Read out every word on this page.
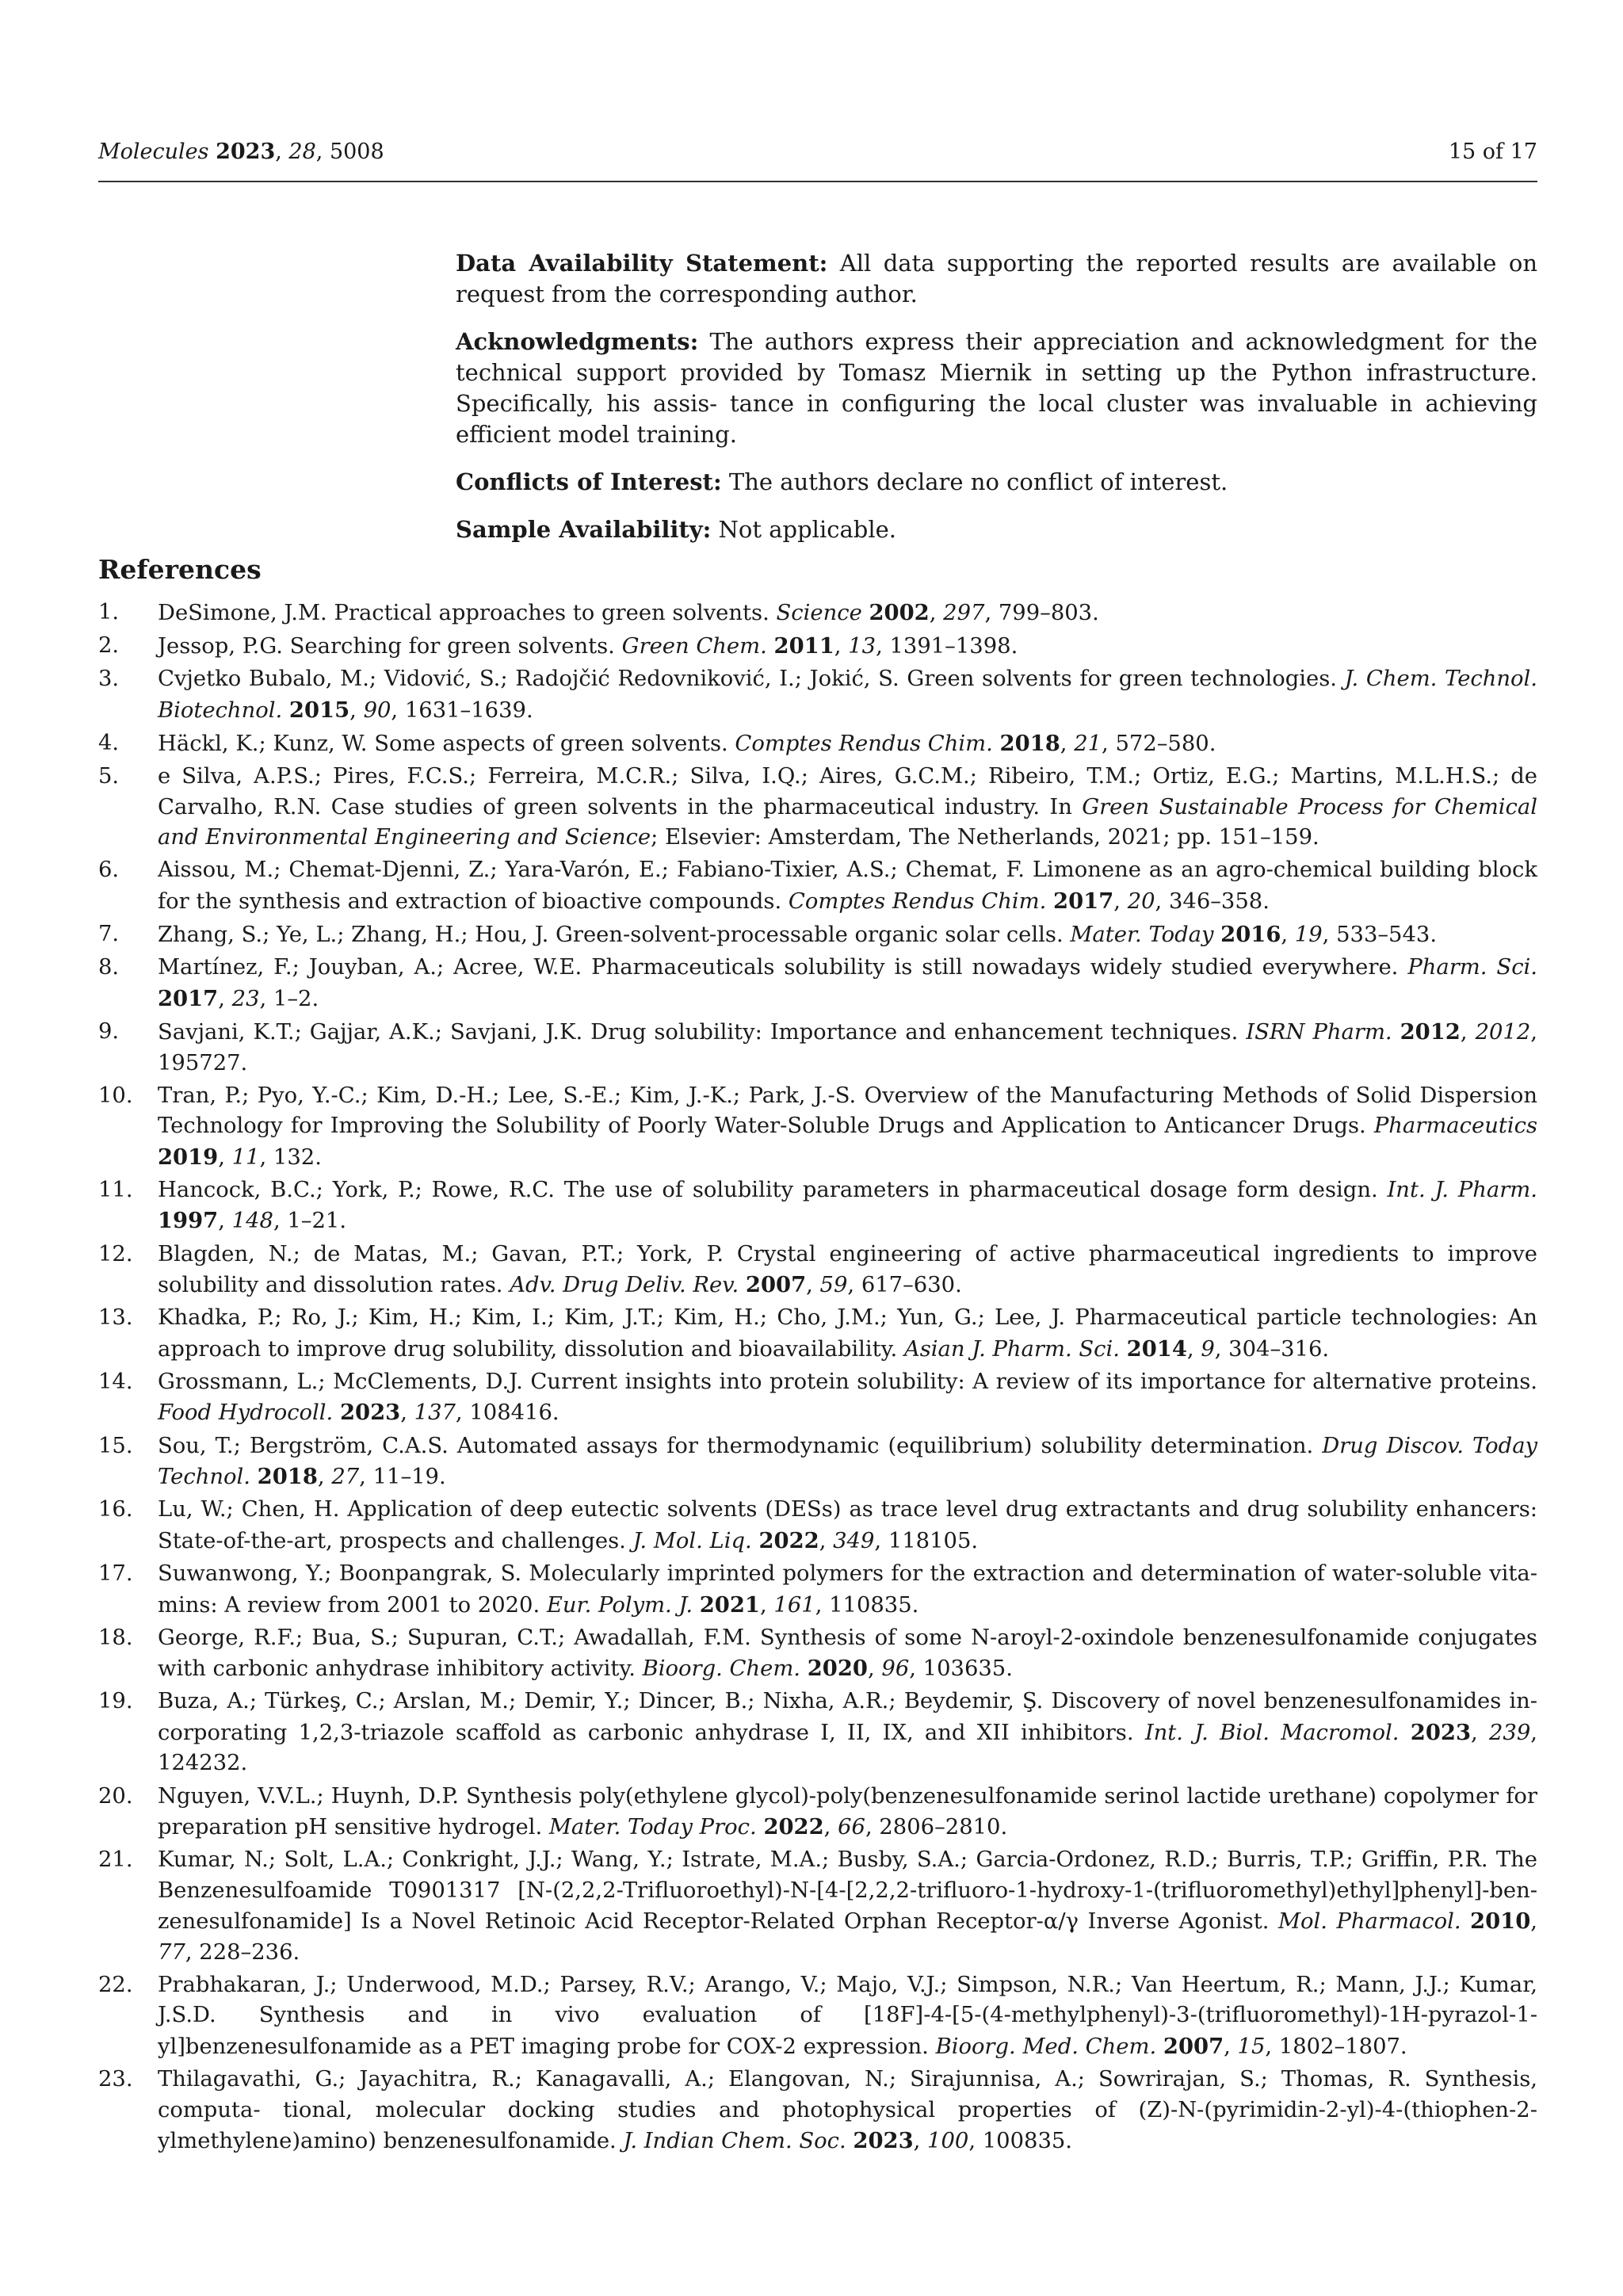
Molecules 2023, 28, 5008	15 of 17

Data Availability Statement: All data supporting the reported results are available on request from the corresponding author.

Acknowledgments: The authors express their appreciation and acknowledgment for the technical support provided by Tomasz Miernik in setting up the Python infrastructure. Specifically, his assis- tance in configuring the local cluster was invaluable in achieving efficient model training.

Conflicts of Interest: The authors declare no conflict of interest.

Sample Availability: Not applicable.

References
1. DeSimone, J.M. Practical approaches to green solvents. Science 2002, 297, 799–803.
2. Jessop, P.G. Searching for green solvents. Green Chem. 2011, 13, 1391–1398.
3. Cvjetko Bubalo, M.; Vidović, S.; Radojčić Redovniković, I.; Jokić, S. Green solvents for green technologies. J. Chem. Technol. Biotechnol. 2015, 90, 1631–1639.
4. Häckl, K.; Kunz, W. Some aspects of green solvents. Comptes Rendus Chim. 2018, 21, 572–580.
5. e Silva, A.P.S.; Pires, F.C.S.; Ferreira, M.C.R.; Silva, I.Q.; Aires, G.C.M.; Ribeiro, T.M.; Ortiz, E.G.; Martins, M.L.H.S.; de Carvalho, R.N. Case studies of green solvents in the pharmaceutical industry. In Green Sustainable Process for Chemical and Environmental Engineering and Science; Elsevier: Amsterdam, The Netherlands, 2021; pp. 151–159.
6. Aissou, M.; Chemat-Djenni, Z.; Yara-Varón, E.; Fabiano-Tixier, A.S.; Chemat, F. Limonene as an agro-chemical building block for the synthesis and extraction of bioactive compounds. Comptes Rendus Chim. 2017, 20, 346–358.
7. Zhang, S.; Ye, L.; Zhang, H.; Hou, J. Green-solvent-processable organic solar cells. Mater. Today 2016, 19, 533–543.
8. Martínez, F.; Jouyban, A.; Acree, W.E. Pharmaceuticals solubility is still nowadays widely studied everywhere. Pharm. Sci. 2017, 23, 1–2.
9. Savjani, K.T.; Gajjar, A.K.; Savjani, J.K. Drug solubility: Importance and enhancement techniques. ISRN Pharm. 2012, 2012, 195727.
10. Tran, P.; Pyo, Y.-C.; Kim, D.-H.; Lee, S.-E.; Kim, J.-K.; Park, J.-S. Overview of the Manufacturing Methods of Solid Dispersion Technology for Improving the Solubility of Poorly Water-Soluble Drugs and Application to Anticancer Drugs. Pharmaceutics 2019, 11, 132.
11. Hancock, B.C.; York, P.; Rowe, R.C. The use of solubility parameters in pharmaceutical dosage form design. Int. J. Pharm. 1997, 148, 1–21.
12. Blagden, N.; de Matas, M.; Gavan, P.T.; York, P. Crystal engineering of active pharmaceutical ingredients to improve solubility and dissolution rates. Adv. Drug Deliv. Rev. 2007, 59, 617–630.
13. Khadka, P.; Ro, J.; Kim, H.; Kim, I.; Kim, J.T.; Kim, H.; Cho, J.M.; Yun, G.; Lee, J. Pharmaceutical particle technologies: An approach to improve drug solubility, dissolution and bioavailability. Asian J. Pharm. Sci. 2014, 9, 304–316.
14. Grossmann, L.; McClements, D.J. Current insights into protein solubility: A review of its importance for alternative proteins. Food Hydrocoll. 2023, 137, 108416.
15. Sou, T.; Bergström, C.A.S. Automated assays for thermodynamic (equilibrium) solubility determination. Drug Discov. Today Technol. 2018, 27, 11–19.
16. Lu, W.; Chen, H. Application of deep eutectic solvents (DESs) as trace level drug extractants and drug solubility enhancers: State-of-the-art, prospects and challenges. J. Mol. Liq. 2022, 349, 118105.
17. Suwanwong, Y.; Boonpangrak, S. Molecularly imprinted polymers for the extraction and determination of water-soluble vita- mins: A review from 2001 to 2020. Eur. Polym. J. 2021, 161, 110835.
18. George, R.F.; Bua, S.; Supuran, C.T.; Awadallah, F.M. Synthesis of some N-aroyl-2-oxindole benzenesulfonamide conjugates with carbonic anhydrase inhibitory activity. Bioorg. Chem. 2020, 96, 103635.
19. Buza, A.; Türkeş, C.; Arslan, M.; Demir, Y.; Dincer, B.; Nixha, A.R.; Beydemir, Ş. Discovery of novel benzenesulfonamides in- corporating 1,2,3-triazole scaffold as carbonic anhydrase I, II, IX, and XII inhibitors. Int. J. Biol. Macromol. 2023, 239, 124232.
20. Nguyen, V.V.L.; Huynh, D.P. Synthesis poly(ethylene glycol)-poly(benzenesulfonamide serinol lactide urethane) copolymer for preparation pH sensitive hydrogel. Mater. Today Proc. 2022, 66, 2806–2810.
21. Kumar, N.; Solt, L.A.; Conkright, J.J.; Wang, Y.; Istrate, M.A.; Busby, S.A.; Garcia-Ordonez, R.D.; Burris, T.P.; Griffin, P.R. The Benzenesulfoamide T0901317 [N-(2,2,2-Trifluoroethyl)-N-[4-[2,2,2-trifluoro-1-hydroxy-1-(trifluoromethyl)ethyl]phenyl]-ben- zenesulfonamide] Is a Novel Retinoic Acid Receptor-Related Orphan Receptor-α/γ Inverse Agonist. Mol. Pharmacol. 2010, 77, 228–236.
22. Prabhakaran, J.; Underwood, M.D.; Parsey, R.V.; Arango, V.; Majo, V.J.; Simpson, N.R.; Van Heertum, R.; Mann, J.J.; Kumar, J.S.D. Synthesis and in vivo evaluation of [18F]-4-[5-(4-methylphenyl)-3-(trifluoromethyl)-1H-pyrazol-1-yl]benzenesulfonamide as a PET imaging probe for COX-2 expression. Bioorg. Med. Chem. 2007, 15, 1802–1807.
23. Thilagavathi, G.; Jayachitra, R.; Kanagavalli, A.; Elangovan, N.; Sirajunnisa, A.; Sowrirajan, S.; Thomas, R. Synthesis, computa- tional, molecular docking studies and photophysical properties of (Z)-N-(pyrimidin-2-yl)-4-(thiophen-2-ylmethylene)amino) benzenesulfonamide. J. Indian Chem. Soc. 2023, 100, 100835.
